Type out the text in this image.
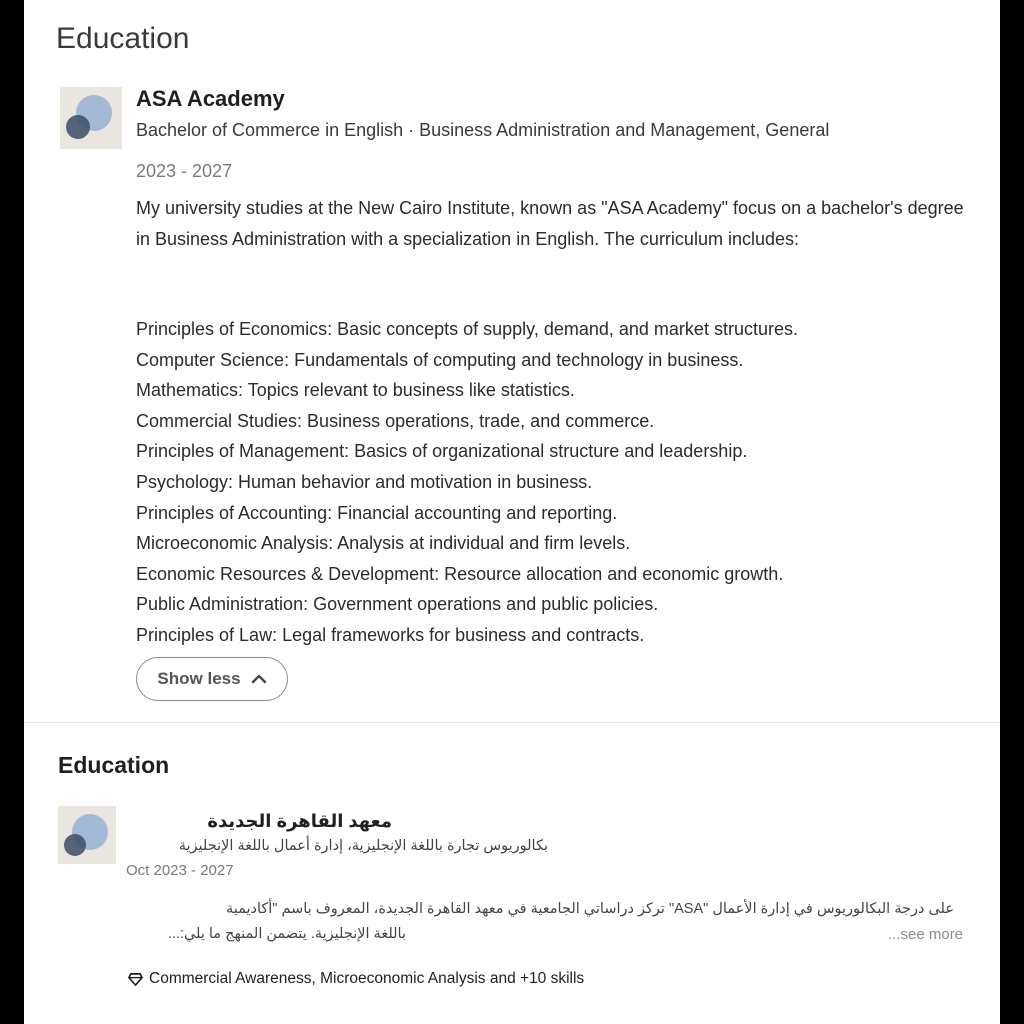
Education
ASA Academy
Bachelor of Commerce in English · Business Administration and Management, General
2023 - 2027

My university studies at the New Cairo Institute, known as "ASA Academy" focus on a bachelor's degree in Business Administration with a specialization in English. The curriculum includes:

Principles of Economics: Basic concepts of supply, demand, and market structures.
Computer Science: Fundamentals of computing and technology in business.
Mathematics: Topics relevant to business like statistics.
Commercial Studies: Business operations, trade, and commerce.
Principles of Management: Basics of organizational structure and leadership.
Psychology: Human behavior and motivation in business.
Principles of Accounting: Financial accounting and reporting.
Microeconomic Analysis: Analysis at individual and firm levels.
Economic Resources & Development: Resource allocation and economic growth.
Public Administration: Government operations and public policies.
Principles of Law: Legal frameworks for business and contracts.
Show less
Education
معهد القاهرة الجديدة
بكالوريوس تجارة باللغة الإنجليزية، إدارة أعمال باللغة الإنجليزية
Oct 2023 - 2027
على درجة البكالوريوس في إدارة الأعمال "ASA" تركز دراساتي الجامعية في معهد القاهرة الجديدة، المعروف باسم "أكاديمية
باللغة الإنجليزية. يتضمن المنهج ما يلي:...	...see more
Commercial Awareness, Microeconomic Analysis and +10 skills
